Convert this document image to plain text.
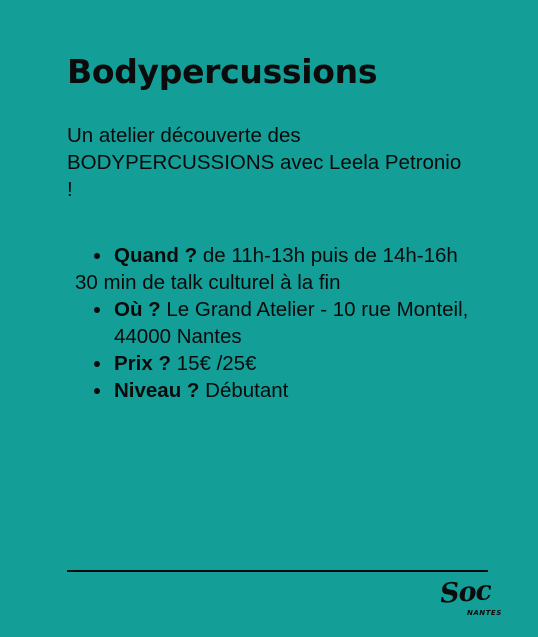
Bodypercussions

Un atelier découverte des BODYPERCUSSIONS avec Leela Petronio !

Quand ? de 11h-13h puis de 14h-16h
30 min de talk culturel à la fin
Où ? Le Grand Atelier - 10 rue Monteil, 44000 Nantes
Prix ? 15€ /25€
Niveau ? Débutant
Soc
NANTES
